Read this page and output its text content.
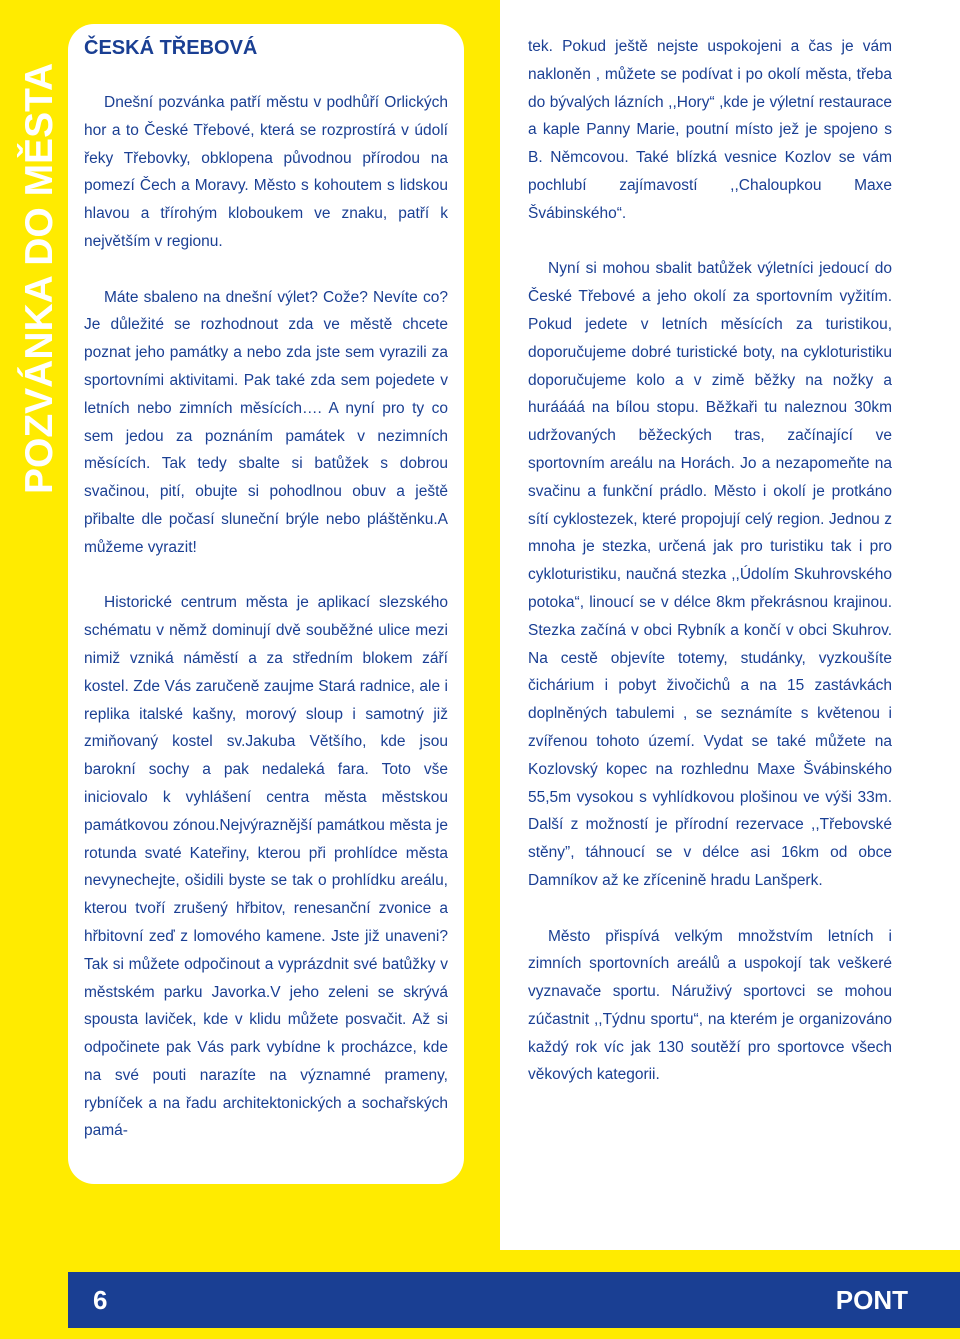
POZVÁNKA DO MĚSTA
ČESKÁ TŘEBOVÁ

Dnešní pozvánka patří městu v podhůří Orlických hor a to České Třebové, která se rozprostírá v údolí řeky Třebovky, obklopena původnou přírodou na pomezí Čech a Moravy. Město s kohoutem s lidskou hlavou a třírohým kloboukem ve znaku, patří k největším v regionu.

Máte sbaleno na dnešní výlet? Cože? Nevíte co? Je důležité se rozhodnout zda ve městě chcete poznat jeho památky a nebo zda jste sem vyrazili za sportovními aktivitami. Pak také zda sem pojedete v letních nebo zimních měsících…. A nyní pro ty co sem jedou za poznáním památek v nezimních měsících. Tak tedy sbalte si batůžek s dobrou svačinou, pití, obujte si pohodlnou obuv a ještě přibalte dle počasí sluneční brýle nebo pláštěnku.A můžeme vyrazit!

Historické centrum města je aplikací slezského schématu v němž dominují dvě souběžné ulice mezi nimiž vzniká náměstí a za středním blokem září kostel. Zde Vás zaručeně zaujme Stará radnice, ale i replika italské kašny, morový sloup i samotný již zmiňovaný kostel sv.Jakuba Většího, kde jsou barokní sochy a pak nedaleká fara. Toto vše iniciovalo k vyhlášení centra města městskou památkovou zónou.Nejvýraznější památkou města je rotunda svaté Kateřiny, kterou při prohlídce města nevynechejte, ošidili byste se tak o prohlídku areálu, kterou tvoří zrušený hřbitov, renesanční zvonice a hřbitovní zeď z lomového kamene. Jste již unaveni? Tak si můžete odpočinout a vyprázdnit své batůžky v městském parku Javorka.V jeho zeleni se skrývá spousta laviček, kde v klidu můžete posvačit. Až si odpočinete pak Vás park vybídne k procházce, kde na své pouti narazíte na významné prameny, rybníček a na řadu architektonických a sochařských pamá-

tek. Pokud ještě nejste uspokojeni a čas je vám nakloněn , můžete se podívat i po okolí města, třeba do bývalých lázních ,,Hory“ ,kde je výletní restaurace a kaple Panny Marie, poutní místo jež je spojeno s B. Němcovou. Také blízká vesnice Kozlov se vám pochlubí zajímavostí ,,Chaloupkou Maxe Švábinského“.

Nyní si mohou sbalit batůžek výletníci jedoucí do České Třebové a jeho okolí za sportovním vyžitím. Pokud jedete v letních měsících za turistikou, doporučujeme dobré turistické boty, na cykloturistiku doporučujeme kolo a v zimě běžky na nožky a huráááá na bílou stopu. Běžkaři tu naleznou 30km udržovaných běžeckých tras, začínající ve sportovním areálu na Horách. Jo a nezapomeňte na svačinu a funkční prádlo. Město i okolí je protkáno sítí cyklostezek, které propojují celý region. Jednou z mnoha je stezka, určená jak pro turistiku tak i pro cykloturistiku, naučná stezka ,,Údolím Skuhrovského potoka“, linoucí se v délce 8km překrásnou krajinou. Stezka začíná v obci Rybník a končí v obci Skuhrov. Na cestě objevíte totemy, studánky, vyzkoušíte čichárium i pobyt živočichů a na 15 zastávkách doplněných tabulemi , se seznámíte s květenou i zvířenou tohoto území. Vydat se také můžete na Kozlovský kopec na rozhlednu Maxe Švábinského 55,5m vysokou s vyhlídkovou plošinou ve výši 33m. Další z možností je přírodní rezervace ,,Třebovské stěny”, táhnoucí se v délce asi 16km od obce Damníkov až ke zřícenině hradu Lanšperk.

Město přispívá velkým množstvím letních i zimních sportovních areálů a uspokojí tak veškeré vyznavače sportu. Náruživý sportovci se mohou zúčastnit ,,Týdnu sportu“, na kterém je organizováno každý rok víc jak 130 soutěží pro sportovce všech věkových kategorii.

6	PONT
